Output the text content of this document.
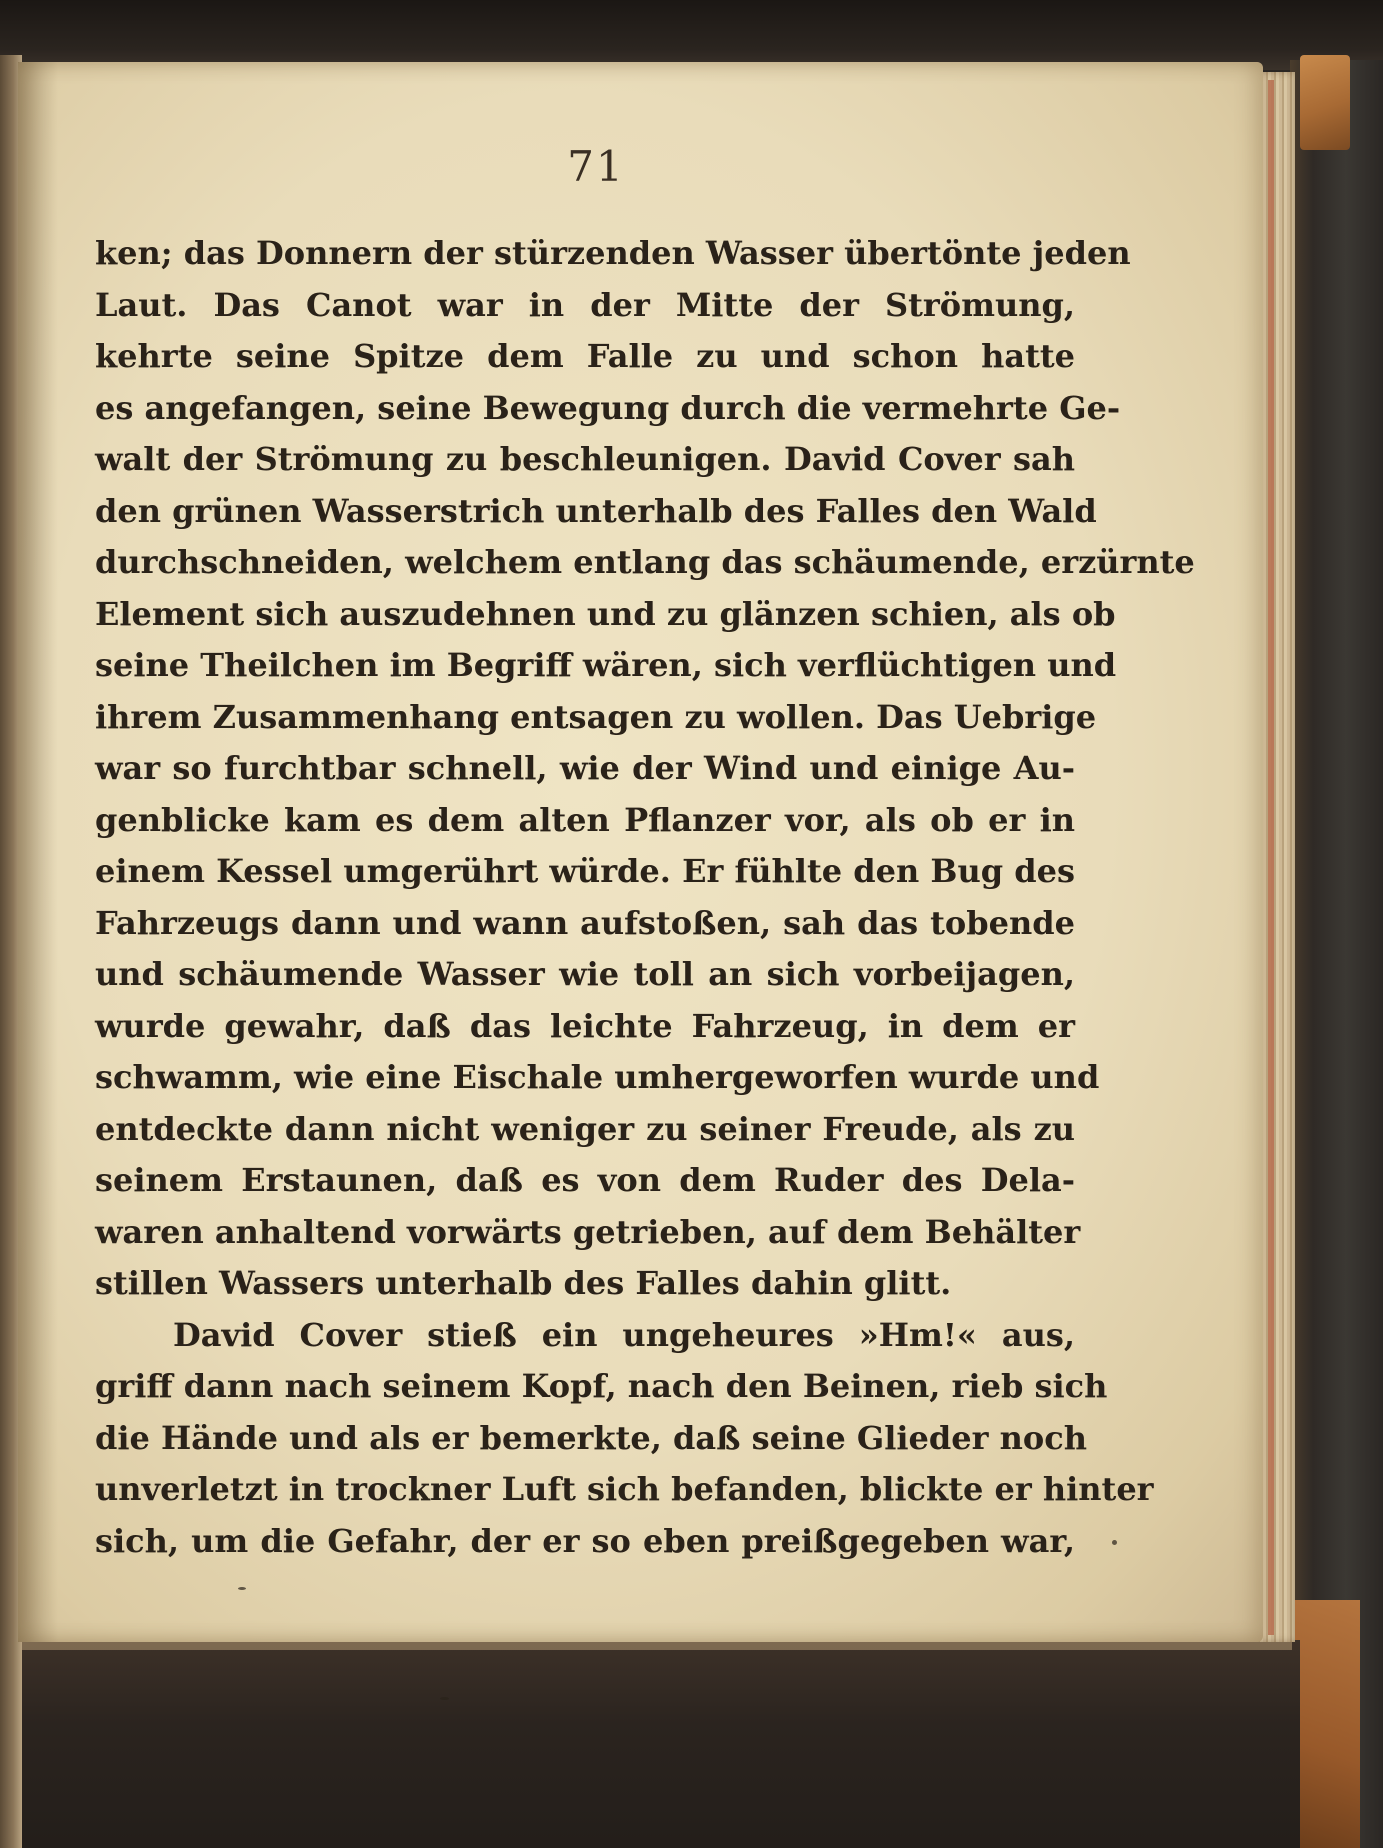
71
ken; das Donnern der stürzenden Wasser übertönte jeden
Laut. Das Canot war in der Mitte der Strömung,
kehrte seine Spitze dem Falle zu und schon hatte
es angefangen, seine Bewegung durch die vermehrte Ge-
walt der Strömung zu beschleunigen. David Cover sah
den grünen Wasserstrich unterhalb des Falles den Wald
durchschneiden, welchem entlang das schäumende, erzürnte
Element sich auszudehnen und zu glänzen schien, als ob
seine Theilchen im Begriff wären, sich verflüchtigen und
ihrem Zusammenhang entsagen zu wollen. Das Uebrige
war so furchtbar schnell, wie der Wind und einige Au-
genblicke kam es dem alten Pflanzer vor, als ob er in
einem Kessel umgerührt würde. Er fühlte den Bug des
Fahrzeugs dann und wann aufstoßen, sah das tobende
und schäumende Wasser wie toll an sich vorbeijagen,
wurde gewahr, daß das leichte Fahrzeug, in dem er
schwamm, wie eine Eischale umhergeworfen wurde und
entdeckte dann nicht weniger zu seiner Freude, als zu
seinem Erstaunen, daß es von dem Ruder des Dela-
waren anhaltend vorwärts getrieben, auf dem Behälter
stillen Wassers unterhalb des Falles dahin glitt.
David Cover stieß ein ungeheures »Hm!« aus,
griff dann nach seinem Kopf, nach den Beinen, rieb sich
die Hände und als er bemerkte, daß seine Glieder noch
unverletzt in trockner Luft sich befanden, blickte er hinter
sich, um die Gefahr, der er so eben preißgegeben war,
